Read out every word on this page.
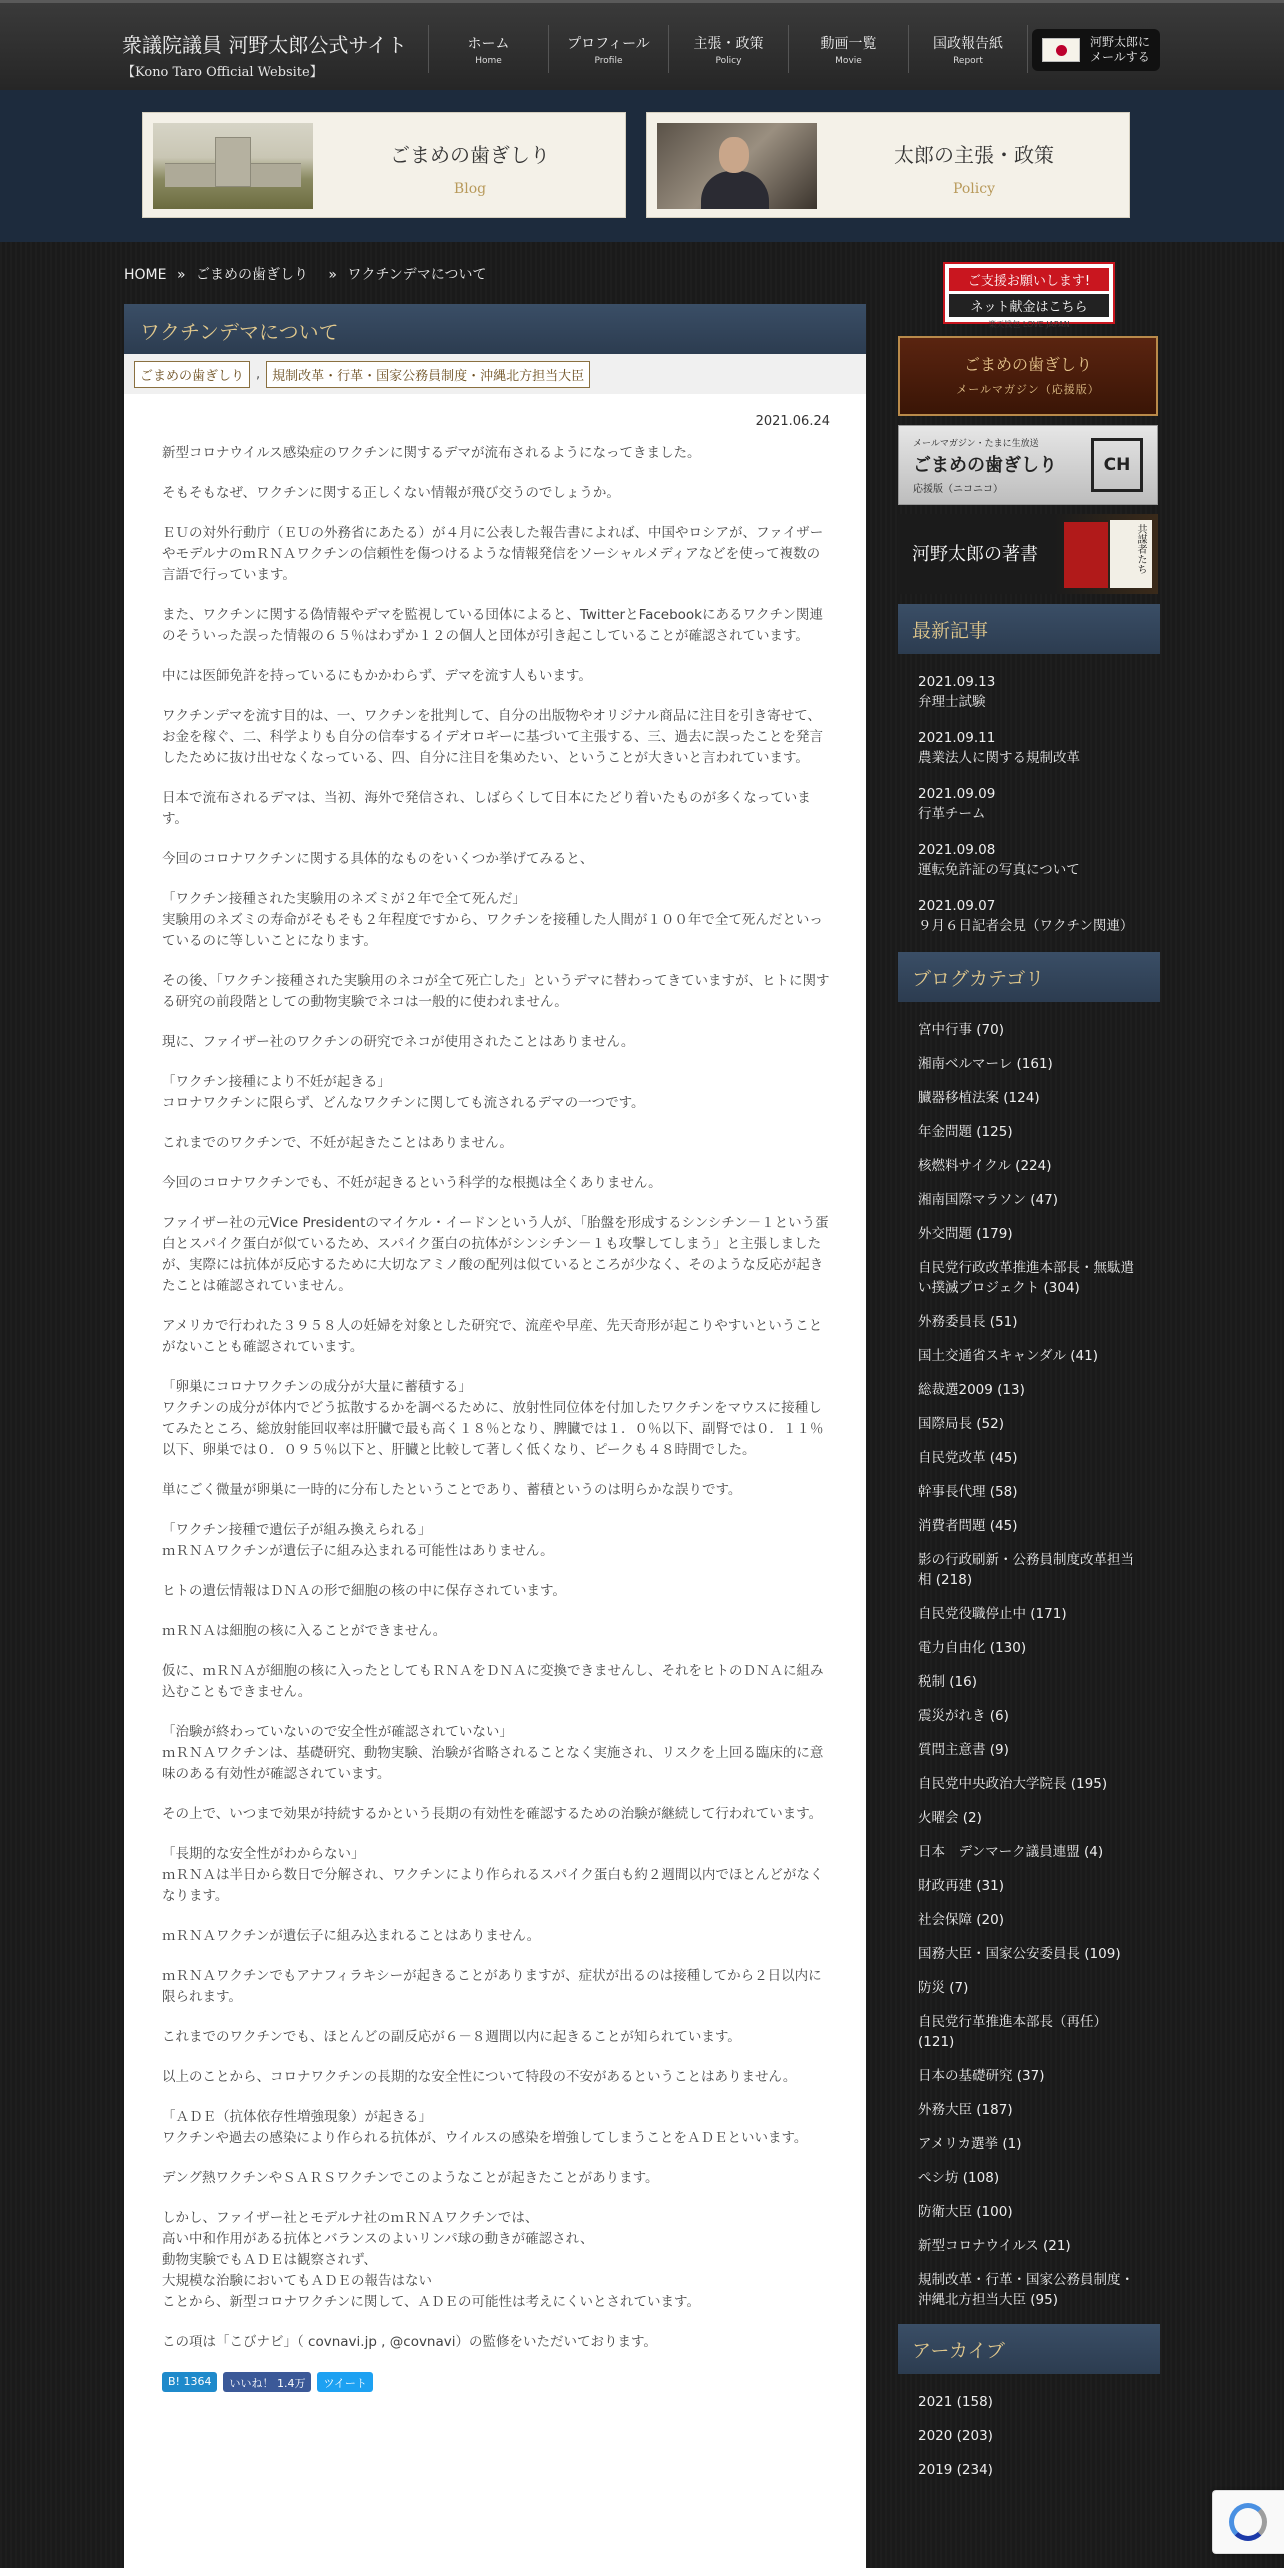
衆議院議員 河野太郎公式サイト
【Kono Taro Official Website】
ホーム
Home
プロフィール
Profile
主張・政策
Policy
動画一覧
Movie
国政報告紙
Report
河野太郎に
メールする
ごまめの歯ぎしり
Blog
太郎の主張・政策
Policy
HOME » ごまめの歯ぎしり » ワクチンデマについて
ワクチンデマについて
ごまめの歯ぎしり , 規制改革・行革・国家公務員制度・沖縄北方担当大臣
2021.06.24

新型コロナウイルス感染症のワクチンに関するデマが流布されるようになってきました。

そもそもなぜ、ワクチンに関する正しくない情報が飛び交うのでしょうか。

ＥＵの対外行動庁（ＥＵの外務省にあたる）が４月に公表した報告書によれば、中国やロシアが、ファイザーやモデルナのｍＲＮＡワクチンの信頼性を傷つけるような情報発信をソーシャルメディアなどを使って複数の言語で行っています。

また、ワクチンに関する偽情報やデマを監視している団体によると、TwitterとFacebookにあるワクチン関連のそういった誤った情報の６５％はわずか１２の個人と団体が引き起こしていることが確認されています。

中には医師免許を持っているにもかかわらず、デマを流す人もいます。

ワクチンデマを流す目的は、一、ワクチンを批判して、自分の出版物やオリジナル商品に注目を引き寄せて、お金を稼ぐ、二、科学よりも自分の信奉するイデオロギーに基づいて主張する、三、過去に誤ったことを発言したために抜け出せなくなっている、四、自分に注目を集めたい、ということが大きいと言われています。

日本で流布されるデマは、当初、海外で発信され、しばらくして日本にたどり着いたものが多くなっています。

今回のコロナワクチンに関する具体的なものをいくつか挙げてみると、

「ワクチン接種された実験用のネズミが２年で全て死んだ」
実験用のネズミの寿命がそもそも２年程度ですから、ワクチンを接種した人間が１００年で全て死んだといっているのに等しいことになります。

その後、「ワクチン接種された実験用のネコが全て死亡した」というデマに替わってきていますが、ヒトに関する研究の前段階としての動物実験でネコは一般的に使われません。

現に、ファイザー社のワクチンの研究でネコが使用されたことはありません。

「ワクチン接種により不妊が起きる」
コロナワクチンに限らず、どんなワクチンに関しても流されるデマの一つです。

これまでのワクチンで、不妊が起きたことはありません。

今回のコロナワクチンでも、不妊が起きるという科学的な根拠は全くありません。

ファイザー社の元Vice Presidentのマイケル・イードンという人が、「胎盤を形成するシンシチン－１という蛋白とスパイク蛋白が似ているため、スパイク蛋白の抗体がシンシチン－１も攻撃してしまう」と主張しましたが、実際には抗体が反応するために大切なアミノ酸の配列は似ているところが少なく、そのような反応が起きたことは確認されていません。

アメリカで行われた３９５８人の妊婦を対象とした研究で、流産や早産、先天奇形が起こりやすいということがないことも確認されています。

「卵巣にコロナワクチンの成分が大量に蓄積する」
ワクチンの成分が体内でどう拡散するかを調べるために、放射性同位体を付加したワクチンをマウスに接種してみたところ、総放射能回収率は肝臓で最も高く１８％となり、脾臓では１．０％以下、副腎では０．１１％以下、卵巣では０．０９５％以下と、肝臓と比較して著しく低くなり、ピークも４８時間でした。

単にごく微量が卵巣に一時的に分布したということであり、蓄積というのは明らかな誤りです。

「ワクチン接種で遺伝子が組み換えられる」
ｍＲＮＡワクチンが遺伝子に組み込まれる可能性はありません。

ヒトの遺伝情報はＤＮＡの形で細胞の核の中に保存されています。

ｍＲＮＡは細胞の核に入ることができません。

仮に、ｍＲＮＡが細胞の核に入ったとしてもＲＮＡをＤＮＡに変換できませんし、それをヒトのＤＮＡに組み込むこともできません。

「治験が終わっていないので安全性が確認されていない」
ｍＲＮＡワクチンは、基礎研究、動物実験、治験が省略されることなく実施され、リスクを上回る臨床的に意味のある有効性が確認されています。

その上で、いつまで効果が持続するかという長期の有効性を確認するための治験が継続して行われています。

「長期的な安全性がわからない」
ｍＲＮＡは半日から数日で分解され、ワクチンにより作られるスパイク蛋白も約２週間以内でほとんどがなくなります。

ｍＲＮＡワクチンが遺伝子に組み込まれることはありません。

ｍＲＮＡワクチンでもアナフィラキシーが起きることがありますが、症状が出るのは接種してから２日以内に限られます。

これまでのワクチンでも、ほとんどの副反応が６－８週間以内に起きることが知られています。

以上のことから、コロナワクチンの長期的な安全性について特段の不安があるということはありません。

「ＡＤＥ（抗体依存性増強現象）が起きる」
ワクチンや過去の感染により作られる抗体が、ウイルスの感染を増強してしまうことをＡＤＥといいます。

デング熱ワクチンやＳＡＲＳワクチンでこのようなことが起きたことがあります。

しかし、ファイザー社とモデルナ社のｍＲＮＡワクチンでは、
高い中和作用がある抗体とバランスのよいリンパ球の動きが確認され、
動物実験でもＡＤＥは観察されず、
大規模な治験においてもＡＤＥの報告はない
ことから、新型コロナワクチンに関して、ＡＤＥの可能性は考えにくいとされています。

この項は「こびナビ」（ covnavi.jp , @covnavi）の監修をいただいております。

B! 1364	いいね！ 1.4万	ツイート
ご支援お願いします!
ネット献金はこちら
楽天钱包 LOVE JAPAN
ごまめの歯ぎしり
メールマガジン（応援版）
メールマガジン・たまに生放送
ごまめの歯ぎしり
応援版（ニコニコ）
CH
河野太郎の著書	共謀者たち
最新記事
2021.09.13
弁理士試験
2021.09.11
農業法人に関する規制改革
2021.09.09
行革チーム
2021.09.08
運転免許証の写真について
2021.09.07
９月６日記者会見（ワクチン関連）
ブログカテゴリ
宮中行事 (70)
湘南ベルマーレ (161)
臓器移植法案 (124)
年金問題 (125)
核燃料サイクル (224)
湘南国際マラソン (47)
外交問題 (179)
自民党行政改革推進本部長・無駄遣い撲滅プロジェクト (304)
外務委員長 (51)
国土交通省スキャンダル (41)
総裁選2009 (13)
国際局長 (52)
自民党改革 (45)
幹事長代理 (58)
消費者問題 (45)
影の行政刷新・公務員制度改革担当相 (218)
自民党役職停止中 (171)
電力自由化 (130)
税制 (16)
震災がれき (6)
質問主意書 (9)
自民党中央政治大学院長 (195)
火曜会 (2)
日本　デンマーク議員連盟 (4)
財政再建 (31)
社会保障 (20)
国務大臣・国家公安委員長 (109)
防災 (7)
自民党行革推進本部長（再任） (121)
日本の基礎研究 (37)
外務大臣 (187)
アメリカ選挙 (1)
ぺシ坊 (108)
防衛大臣 (100)
新型コロナウイルス (21)
規制改革・行革・国家公務員制度・沖縄北方担当大臣 (95)
アーカイブ
2021 (158)
2020 (203)
2019 (234)
